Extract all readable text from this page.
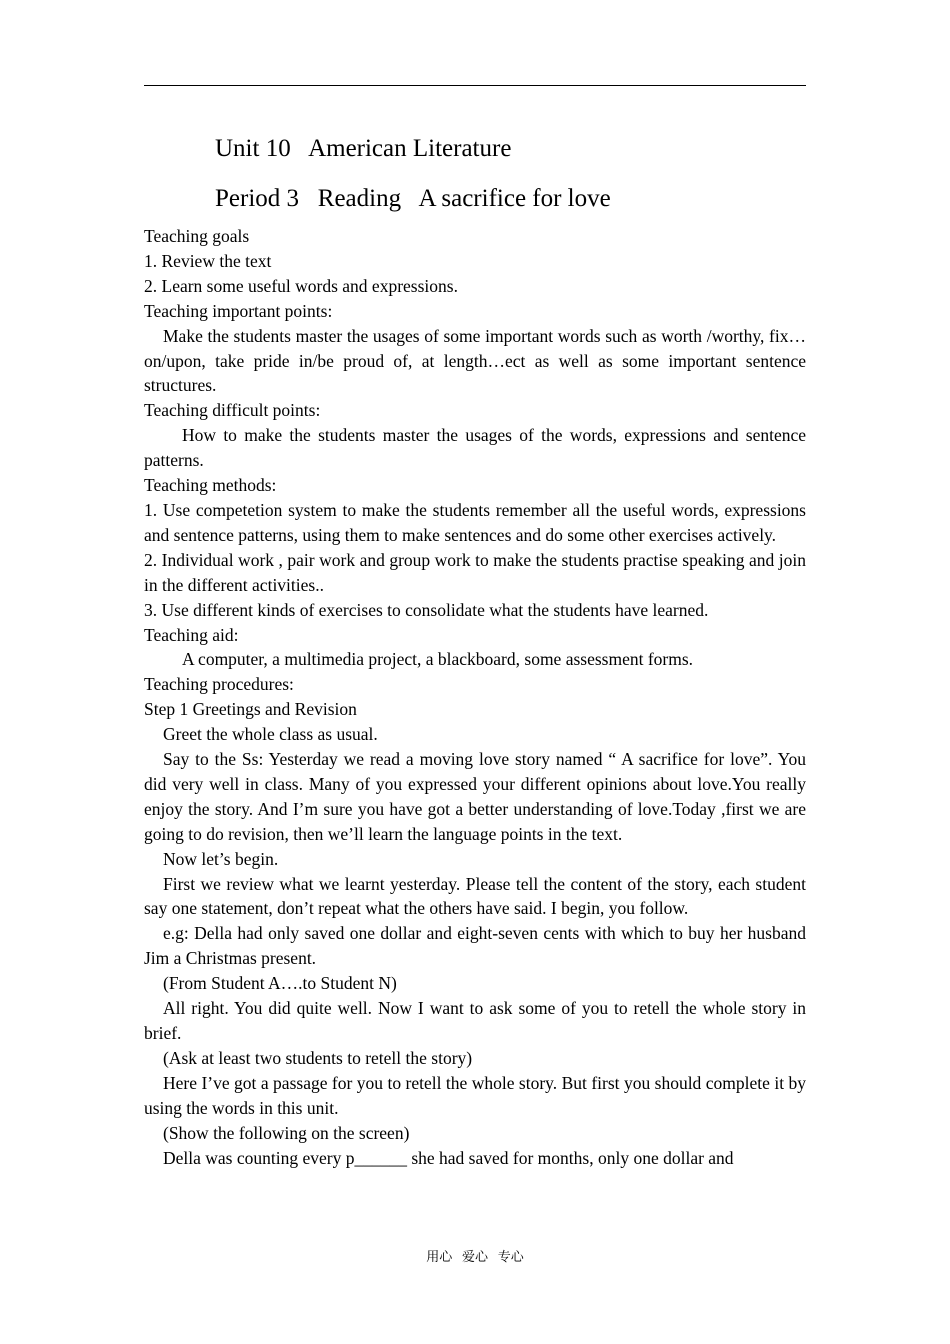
Unit 10   American Literature
Period 3   Reading   A sacrifice for love

Teaching goals

1. Review the text

2. Learn some useful words and expressions.

Teaching important points:

Make the students master the usages of some important words such as worth /worthy, fix…on/upon, take pride in/be proud of, at length…ect as well as some important sentence structures.

Teaching difficult points:

How to make the students master the usages of the words, expressions and sentence patterns.

Teaching methods:

1. Use competetion system to make the students remember all the useful words, expressions and sentence patterns, using them to make sentences and do some other exercises actively.

2. Individual work , pair work and group work to make the students practise speaking and join in the different activities..

3. Use different kinds of exercises to consolidate what the students have learned.

Teaching aid:

A computer, a multimedia project, a blackboard, some assessment forms.

Teaching procedures:

Step 1 Greetings and Revision

Greet the whole class as usual.

Say to the Ss: Yesterday we read a moving love story named “ A sacrifice for love”. You did very well in class. Many of you expressed your different opinions about love.You really enjoy the story. And I’m sure you have got a better understanding of love.Today ,first we are going to do revision, then we’ll learn the language points in the text.

Now let’s begin.

First we review what we learnt yesterday. Please tell the content of the story, each student say one statement, don’t repeat what the others have said. I begin, you follow.

e.g: Della had only saved one dollar and eight-seven cents with which to buy her husband Jim a Christmas present.

(From Student A….to Student N)

All right. You did quite well. Now I want to ask some of you to retell the whole story in brief.

(Ask at least two students to retell the story)

Here I’ve got a passage for you to retell the whole story. But first you should complete it by using the words in this unit.

(Show the following on the screen)

Della was counting every p______ she had saved for months, only one dollar and

用心   爱心   专心
